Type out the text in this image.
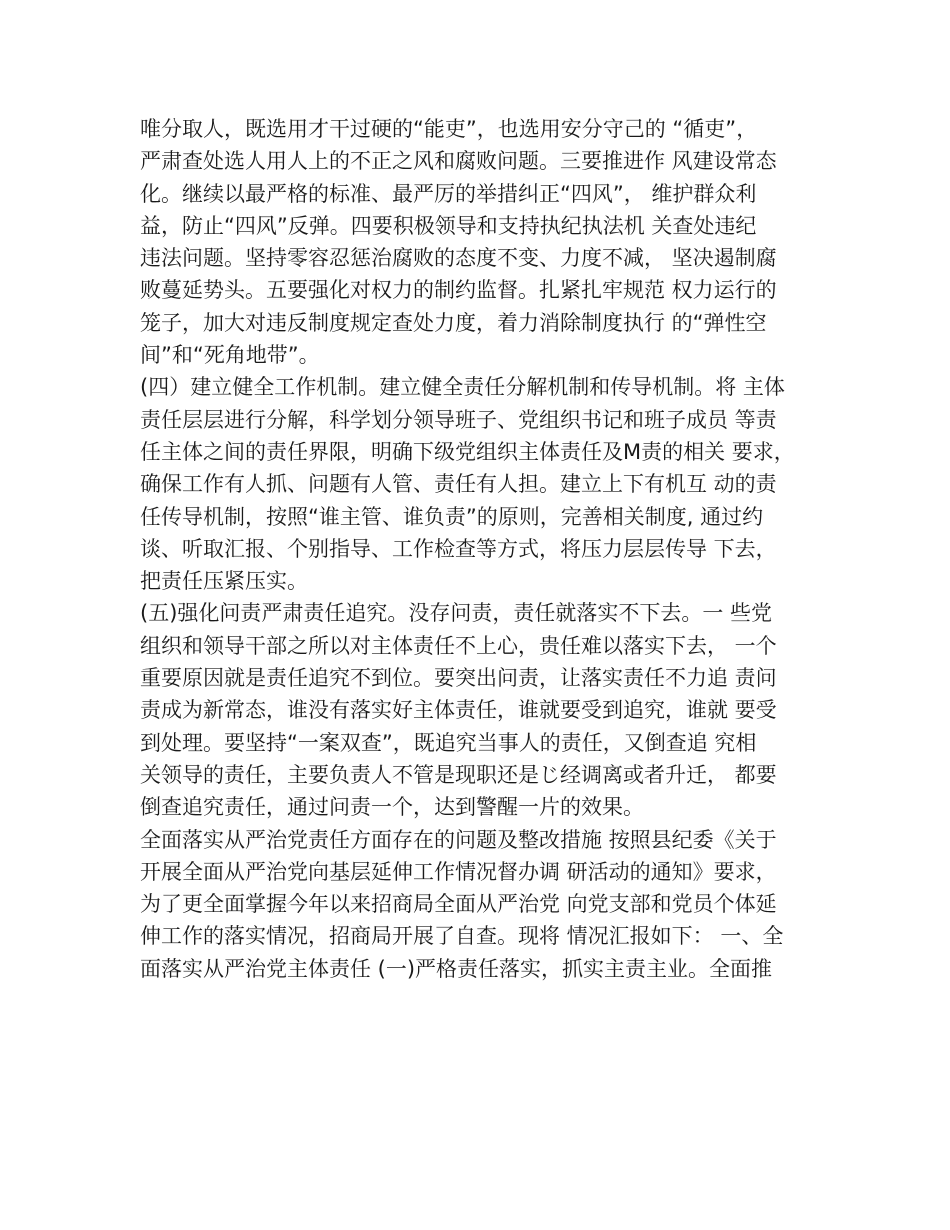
唯分取人，既选用才干过硬的“能吏”，也选用安分守己的 “循吏”，
严肃查处选人用人上的不正之风和腐败问题。三要推进作 风建设常态
化。继续以最严格的标准、最严厉的举措纠正“四风”， 维护群众利
益，防止“四风”反弹。四要积极领导和支持执纪执法机 关查处违纪
违法问题。坚持零容忍惩治腐败的态度不变、力度不减， 坚决遏制腐
败蔓延势头。五要强化对权力的制约监督。扎紧扎牢规范 权力运行的
笼子，加大对违反制度规定查处力度，着力消除制度执行 的“弹性空
间”和“死角地带”。
(四）建立健全工作机制。建立健全责任分解机制和传导机制。将 主体
责任层层进行分解，科学划分领导班子、党组织书记和班子成员 等责
任主体之间的责任界限，明确下级党组织主体责任及M责的相关 要求，
确保工作有人抓、问题有人管、责任有人担。建立上下有机互 动的责
任传导机制，按照“谁主管、谁负责”的原则，完善相关制度, 通过约
谈、听取汇报、个别指导、工作检查等方式，将压力层层传导 下去，
把责任压紧压实。
(五)强化问责严肃责任追究。没存问责，责任就落实不下去。一 些党
组织和领导干部之所以对主体责任不上心，贵任难以落实下去， 一个
重要原因就是责任追究不到位。要突出问责，让落实责任不力追 责问
责成为新常态，谁没有落实好主体责任，谁就要受到追究，谁就 要受
到处理。要坚持“一案双查”，既追究当事人的责任，又倒查追 究相
关领导的责任，主要负责人不管是现职还是じ经调离或者升迁， 都要
倒查追究责任，通过问责一个，达到警醒一片的效果。
全面落实从严治党责任方面存在的问题及整改措施 按照县纪委《关于
开展全面从严治党向基层延伸工作情况督办调 研活动的通知》要求，
为了更全面掌握今年以来招商局全面从严治党 向党支部和党员个体延
伸工作的落实情况，招商局开展了自查。现将 情况汇报如下： 一、全
面落实从严治党主体责任 (一)严格责任落实，抓实主责主业。全面推
